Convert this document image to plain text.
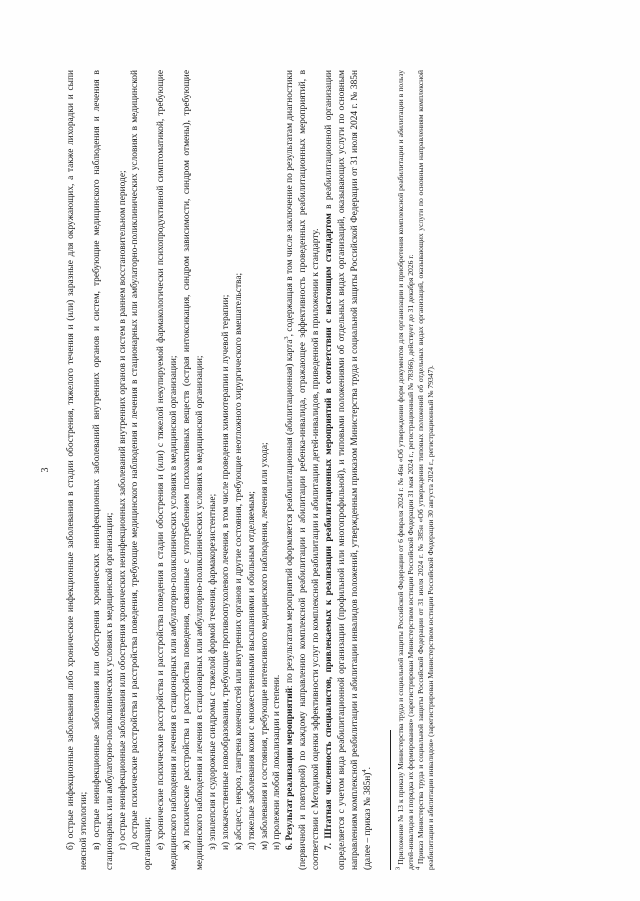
3 б) острые инфекционные заболевания либо хронические инфекционные заболевания в стадии обострения, тяжелого течения и (или) заразные для окружающих, а также лихорадки и сыпи неясной этиологии; в) острые неинфекционные заболевания или обострения хронических неинфекционных заболеваний внутренних органов и систем, требующие медицинского наблюдения и лечения в стационарных или амбулаторно-поликлинических условиях в медицинской организации; г) острые неинфекционные заболевания или обострения хронических неинфекционных заболеваний внутренних органов и систем в раннем восстановительном периоде; д) острые психические расстройства и расстройства поведения, требующие медицинского наблюдения и лечения в стационарных или амбулаторно-поликлинических условиях в медицинской организации; е) хронические психические расстройства и расстройства поведения в стадии обострения и (или) с тяжелой некупируемой фармакологически психопродуктивной симптоматикой, требующие медицинского наблюдения и лечения в стационарных или амбулаторно-поликлинических условиях в медицинской организации; ж) психические расстройства и расстройства поведения, связанные с употреблением психоактивных веществ (острая интоксикация, синдром зависимости, синдром отмены), требующие медицинского наблюдения и лечения в стационарных или амбулаторно-поликлинических условиях в медицинской организации; з) эпилепсия и судорожные синдромы с тяжелой формой течения, фармакорезистентные; и) злокачественные новообразования, требующие противоопухолевого лечения, в том числе проведения химиотерапии и лучевой терапии; к) абсцесс, некроз, гангрена конечностей или внутренних органов и другие состояния, требующие неотложного хирургического вмешательства; л) тяжелые заболевания кожи с множественными высыпаниями и обильным отделяемым; м) заболевания и состояния, требующие интенсивного медицинского наблюдения, лечения или ухода; н) пролежни любой локализации и степени. 6. Результат реализации мероприятий: по результатам мероприятий оформляется реабилитационная (абилитационная) карта$^3$, содержащая в том числе заключение по результатам диагностики (первичной и повторной) по каждому направлению комплексной реабилитации и абилитации ребенка-инвалида, отражающее эффективность проведенных реабилитационных мероприятий, в соответствии с Методикой оценки эффективности услуг по комплексной реабилитации и абилитации детей-инвалидов, приведенной в приложении к стандарту. 7. Штатная численность специалистов, привлекаемых к реализации реабилитационных мероприятий в соответствии с настоящим стандартом в реабилитационной организации определяется с учетом вида реабилитационной организации (профильной или многопрофильной), и типовыми положениями об отдельных видах организаций, оказывающих услуги по основным направлениям комплексной реабилитации и абилитации инвалидов положений, утвержденным приказом Министерства труда и социальной защиты Российской Федерации от 31 июля 2024 г. № 385н (далее – приказ № 385н)$^4$.

$^3$ Приложение № 13 к приказу Министерства труда и социальной защиты Российской Федерации от 6 февраля 2024 г. № 46н «Об утверждении форм документов для организации и приобретения комплексной реабилитации и абилитации в пользу детей-инвалидов и порядка их формирования» (зарегистрирован Министерством юстиции Российской Федерации 31 мая 2024 г., регистрационный № 78366), действует до 31 декабря 2026 г. $^4$ Приказ Министерства труда и социальной защиты Российской Федерации от 31 июля 2024 г. № 385н «Об утверждении типовых положений об отдельных видах организаций, оказывающих услуги по основным направлениям комплексной реабилитации и абилитации инвалидов» (зарегистрирован Министерством юстиции Российской Федерации 30 августа 2024 г., регистрационный № 79347).
